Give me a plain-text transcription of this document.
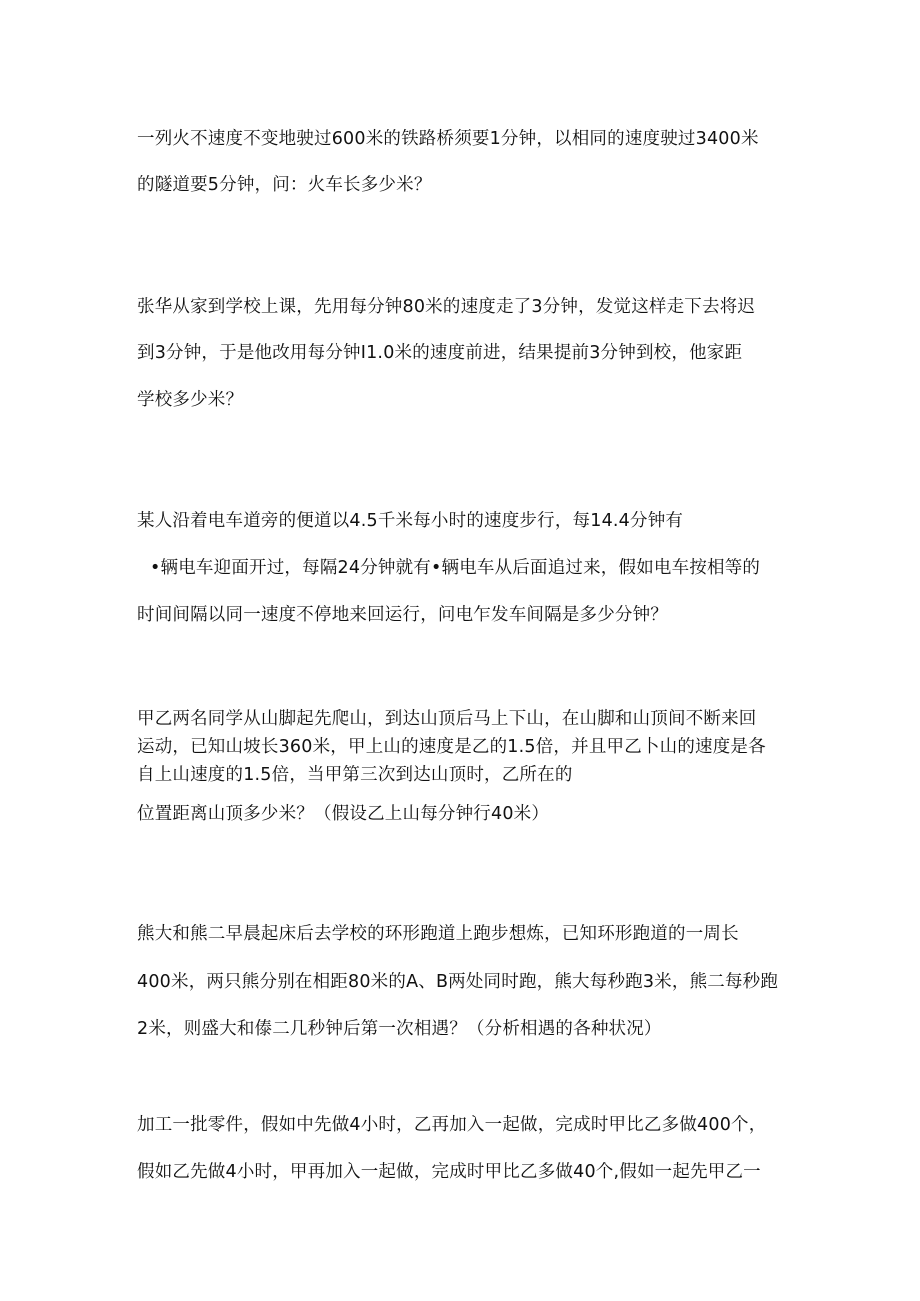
一列火不速度不变地驶过600米的铁路桥须要1分钟，以相同的速度驶过3400米
的隧道要5分钟，问：火车长多少米？
张华从家到学校上课，先用每分钟80米的速度走了3分钟，发觉这样走下去将迟
到3分钟，于是他改用每分钟I1.0米的速度前进，结果提前3分钟到校，他家距
学校多少米？
某人沿着电车道旁的便道以4.5千米每小时的速度步行，每14.4分钟有
•辆电车迎面开过，每隔24分钟就有•辆电车从后面追过来，假如电车按相等的
时间间隔以同一速度不停地来回运行，问电乍发车间隔是多少分钟？
甲乙两名同学从山脚起先爬山，到达山顶后马上下山，在山脚和山顶间不断来回
运动，已知山坡长360米，甲上山的速度是乙的1.5倍，并且甲乙卜山的速度是各
自上山速度的1.5倍，当甲第三次到达山顶时，乙所在的
位置距离山顶多少米？（假设乙上山每分钟行40米）
熊大和熊二早晨起床后去学校的环形跑道上跑步想炼，已知环形跑道的一周长
400米，两只熊分别在相距80米的A、B两处同时跑，熊大每秒跑3米，熊二每秒跑
2米，则盛大和傣二几秒钟后第一次相遇？（分析相遇的各种状况）
加工一批零件，假如中先做4小时，乙再加入一起做，完成时甲比乙多做400个，
假如乙先做4小时，甲再加入一起做，完成时甲比乙多做40个,假如一起先甲乙一
